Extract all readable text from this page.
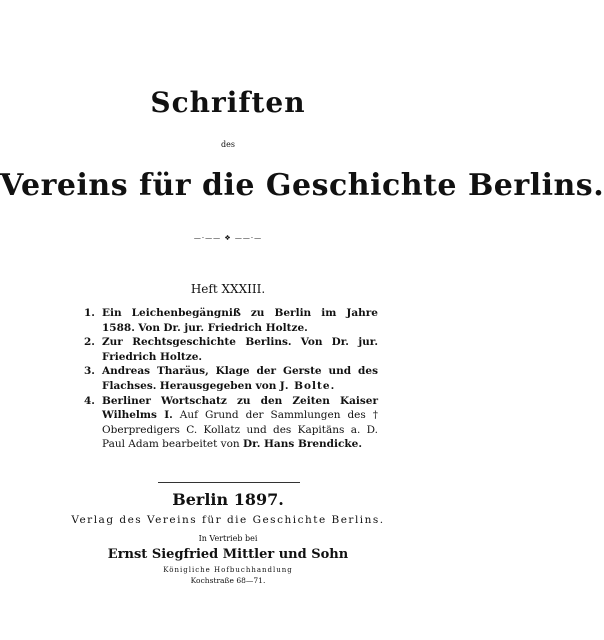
Schriften
des
Vereins für die Geschichte Berlins.
—·—— ❖ ——·—
Heft XXXIII.
1. Ein Leichenbegängniß zu Berlin im Jahre 1588. Von Dr. jur. Friedrich Holtze.
2. Zur Rechtsgeschichte Berlins. Von Dr. jur. Friedrich Holtze.
3. Andreas Tharäus, Klage der Gerste und des Flachses. Herausgegeben von J. Bolte.
4. Berliner Wortschatz zu den Zeiten Kaiser Wilhelms I. Auf Grund der Sammlungen des † Oberpredigers C. Kollatz und des Kapitäns a. D. Paul Adam bearbeitet von Dr. Hans Brendicke.
Berlin 1897.
Verlag des Vereins für die Geschichte Berlins.
In Vertrieb bei
Ernst Siegfried Mittler und Sohn
Königliche Hofbuchhandlung
Kochstraße 68—71.
